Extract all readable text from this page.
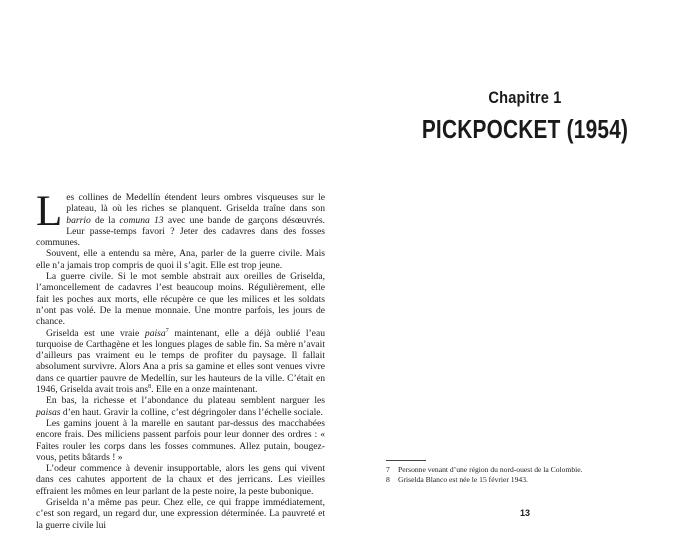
Chapitre 1
PICKPOCKET (1954)
13

Les collines de Medellín étendent leurs ombres visqueuses sur le plateau, là où les riches se planquent. Griselda traîne dans son barrio de la comuna 13 avec une bande de garçons désœuvrés. Leur passe-temps favori ? Jeter des cadavres dans des fosses communes.

Souvent, elle a entendu sa mère, Ana, parler de la guerre civile. Mais elle n’a jamais trop compris de quoi il s’agit. Elle est trop jeune.

La guerre civile. Si le mot semble abstrait aux oreilles de Griselda, l’amoncellement de cadavres l’est beaucoup moins. Régulièrement, elle fait les poches aux morts, elle récupère ce que les milices et les soldats n’ont pas volé. De la menue monnaie. Une montre parfois, les jours de chance.

Griselda est une vraie paisa$^7$ maintenant, elle a déjà oublié l’eau turquoise de Carthagène et les longues plages de sable fin. Sa mère n’avait d’ailleurs pas vraiment eu le temps de profiter du paysage. Il fallait absolument survivre. Alors Ana a pris sa gamine et elles sont venues vivre dans ce quartier pauvre de Medellín, sur les hauteurs de la ville. C’était en 1946, Griselda avait trois ans$^8$. Elle en a onze maintenant.

En bas, la richesse et l’abondance du plateau semblent narguer les paisas d’en haut. Gravir la colline, c’est dégringoler dans l’échelle sociale.

Les gamins jouent à la marelle en sautant par-dessus des macchabées encore frais. Des miliciens passent parfois pour leur donner des ordres : « Faites rouler les corps dans les fosses communes. Allez putain, bougez-vous, petits bâtards ! »

L’odeur commence à devenir insupportable, alors les gens qui vivent dans ces cahutes apportent de la chaux et des jerricans. Les vieilles effraient les mômes en leur parlant de la peste noire, la peste bubonique.

Griselda n’a même pas peur. Chez elle, ce qui frappe immédiatement, c’est son regard, un regard dur, une expression déterminée. La pauvreté et la guerre civile lui

7 Personne venant d’une région du nord-ouest de la Colombie.
8 Griselda Blanco est née le 15 février 1943.
